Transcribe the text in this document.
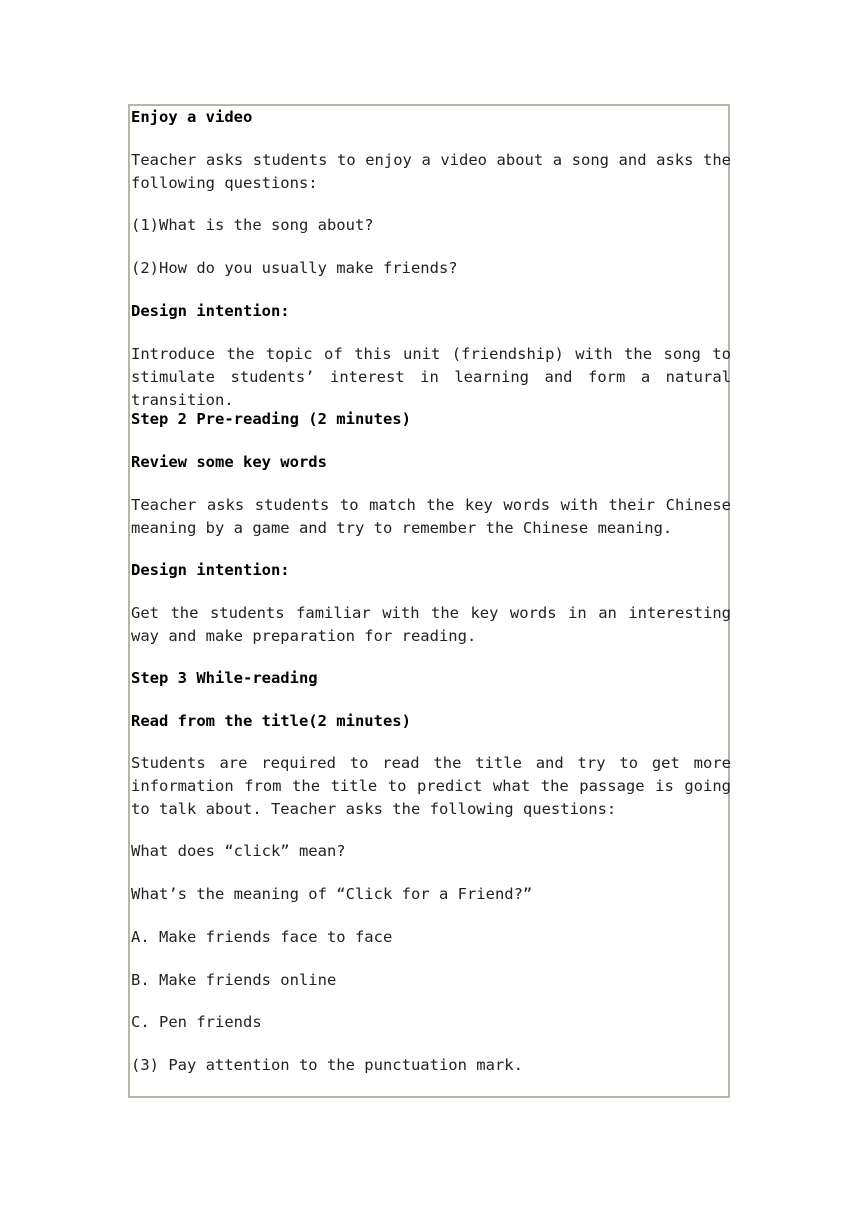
Enjoy a video
Teacher asks students to enjoy a video about a song and asks the following questions:
(1)What is the song about?
(2)How do you usually make friends?
Design intention:
Introduce the topic of this unit (friendship) with the song to stimulate students’ interest in learning and form a natural transition.
Step 2 Pre-reading (2 minutes)
Review some key words
Teacher asks students to match the key words with their Chinese meaning by a game and try to remember the Chinese meaning.
Design intention:
Get the students familiar with the key words in an interesting way and make preparation for reading.
Step 3 While-reading
Read from the title(2 minutes)
Students are required to read the title and try to get more information from the title to predict what the passage is going to talk about. Teacher asks the following questions:
What does “click” mean?
What’s the meaning of “Click for a Friend?”
A. Make friends face to face
B. Make friends online
C. Pen friends
(3) Pay attention to the punctuation mark.
